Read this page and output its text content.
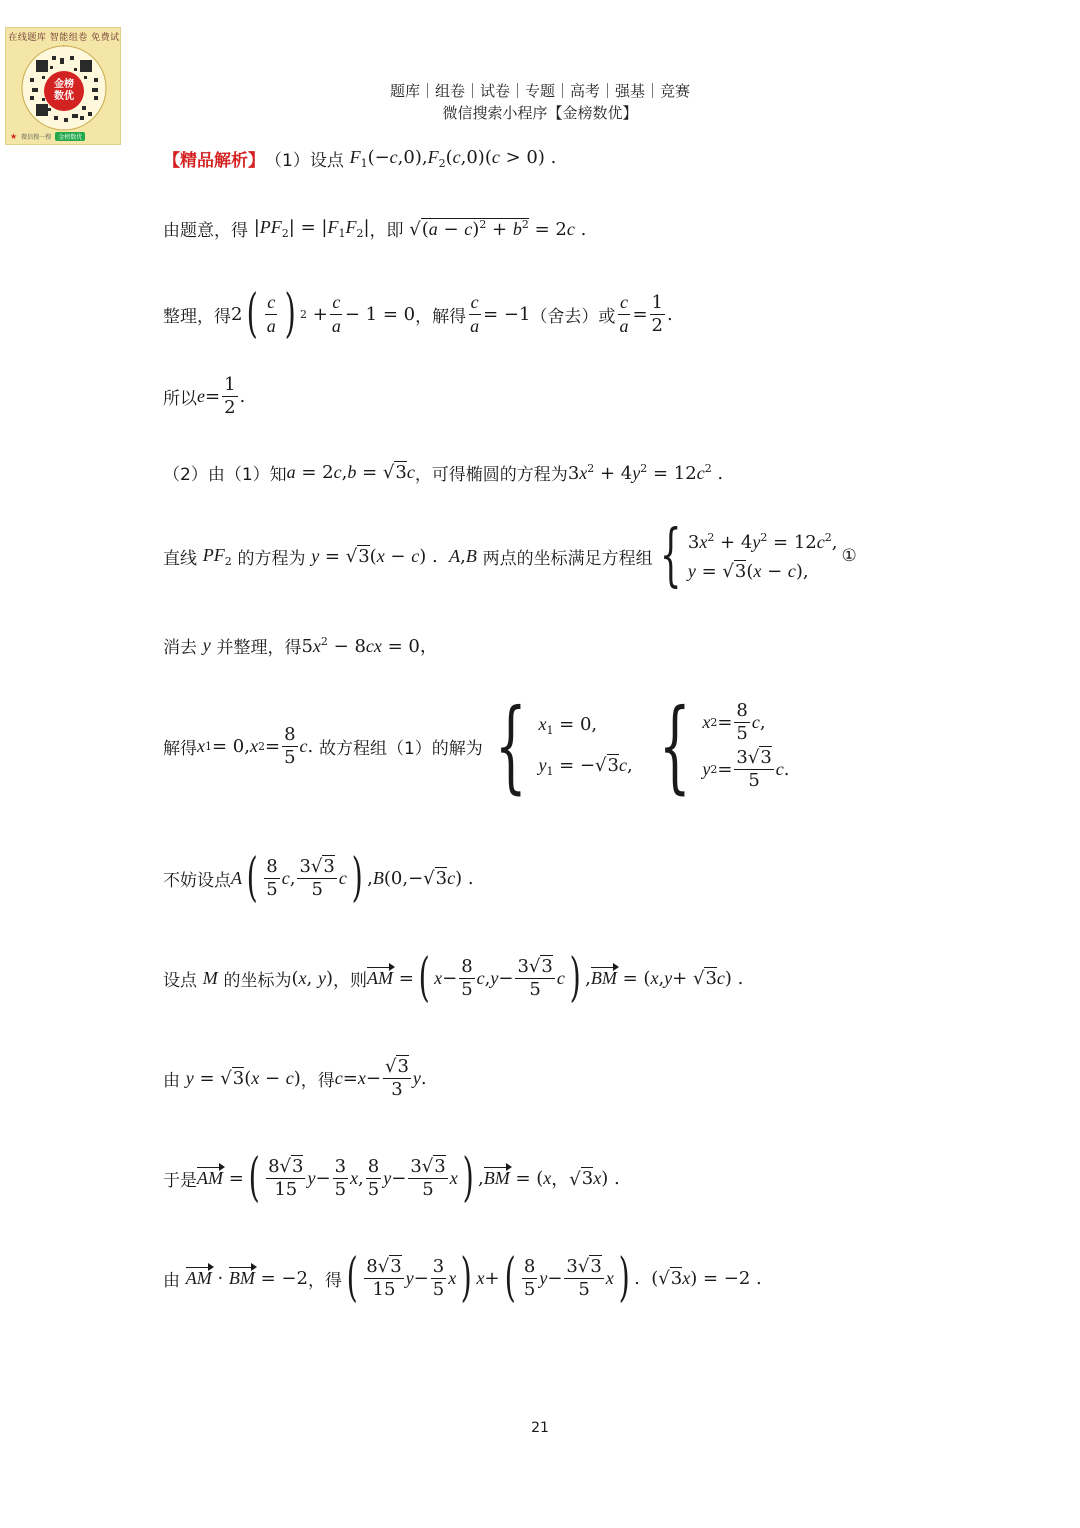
在线题库 智能组卷 免费试
金榜
数优
★ 微信搜一搜	金榜数优
题库｜组卷｜试卷｜专题｜高考｜强基｜竞赛
微信搜索小程序【金榜数优】
【精品解析】 （1）设点 $F_1(-c,0),F_2(c,0)(c > 0)$ .
由题意，得 $|PF_2| = |F_1F_2|$ ，即 $√(a - c)^2 + b^2 = 2c$ .
整理，得 2 ( $\frac{c}{a}$ ) $2 + \frac{c}{a} - 1 = 0$ ，解得 $\frac{c}{a} = -1$ （舍去）或 $\frac{c}{a} = \frac{1}{2}$ .
所以 $e = \frac{1}{2}$ .
（2）由（1）知 a = 2c,b = √3c ，可得椭圆的方程为 $3x^2 + 4y^2 = 12c^2$ .
直线 $PF_2$ 的方程为 y = √3(x − c) .  A,B 两点的坐标满足方程组 { $3x^2 + 4y^2 = 12c^2$,
y = √3(x − c),
①
消去 y 并整理，得 $5x^2 - 8cx = 0$，
解得 x 1 = 0, x $2 = \frac{8}{5}$ c . 故方程组（1）的解为 { $x_1 = 0$,
$y_1 = -√3c$, { x $2 = \frac{8}{5}$ c ,
y $2 = \frac{3√3}{5}$ c .
不妨设点 A ( $\frac{8}{5}$ c , $\frac{3√3}{5}$ c ) , B (0,−√ 3 c ) .
设点 M 的坐标为 (x, y) ，则 AM = ( $x - \frac{8}{5}$ c , $y - \frac{3√3}{5}$ c ) , BM = ( x , y + √ 3 c ) .
由 y = √3(x − c) ，得 $c = x - \frac{√3}{3}$ y .
于是 AM = ( $\frac{8√3}{15}$ $y - \frac{3}{5}$ x , $\frac{8}{5}$ $y - \frac{3√3}{5}$ x ) , BM = ( x ，√ 3 x ) .
由 AM · BM = −2 ，得 ( $\frac{8√3}{15}$ $y - \frac{3}{5}$ x ) x + ( $\frac{8}{5}$ $y - \frac{3√3}{5}$ x ) .  (√ 3 x ) = −2 .
21
